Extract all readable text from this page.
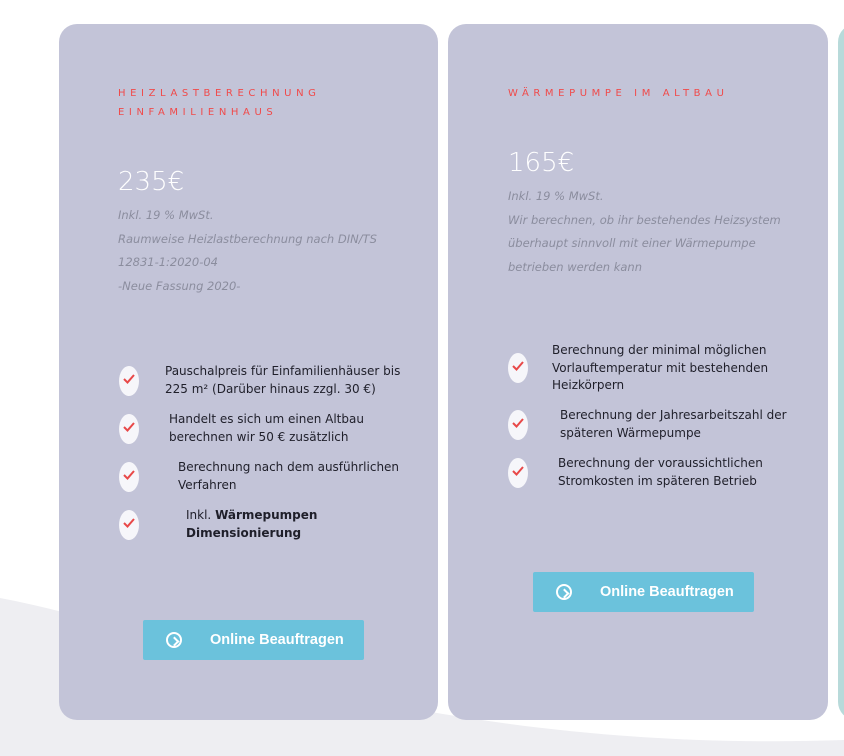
HEIZLASTBERECHNUNG
EINFAMILIENHAUS
235€
Inkl. 19 % MwSt.
Raumweise Heizlastberechnung nach DIN/TS
12831-1:2020-04
-Neue Fassung 2020-
Pauschalpreis für Einfamilienhäuser bis
225 m² (Darüber hinaus zzgl. 30 €)
Handelt es sich um einen Altbau
berechnen wir 50 € zusätzlich
Berechnung nach dem ausführlichen
Verfahren
Inkl. Wärmepumpen
Dimensionierung
Online Beauftragen
WÄRMEPUMPE IM ALTBAU
165€
Inkl. 19 % MwSt.
Wir berechnen, ob ihr bestehendes Heizsystem
überhaupt sinnvoll mit einer Wärmepumpe
betrieben werden kann
Berechnung der minimal möglichen
Vorlauftemperatur mit bestehenden
Heizkörpern
Berechnung der Jahresarbeitszahl der
späteren Wärmepumpe
Berechnung der voraussichtlichen
Stromkosten im späteren Betrieb
Online Beauftragen
